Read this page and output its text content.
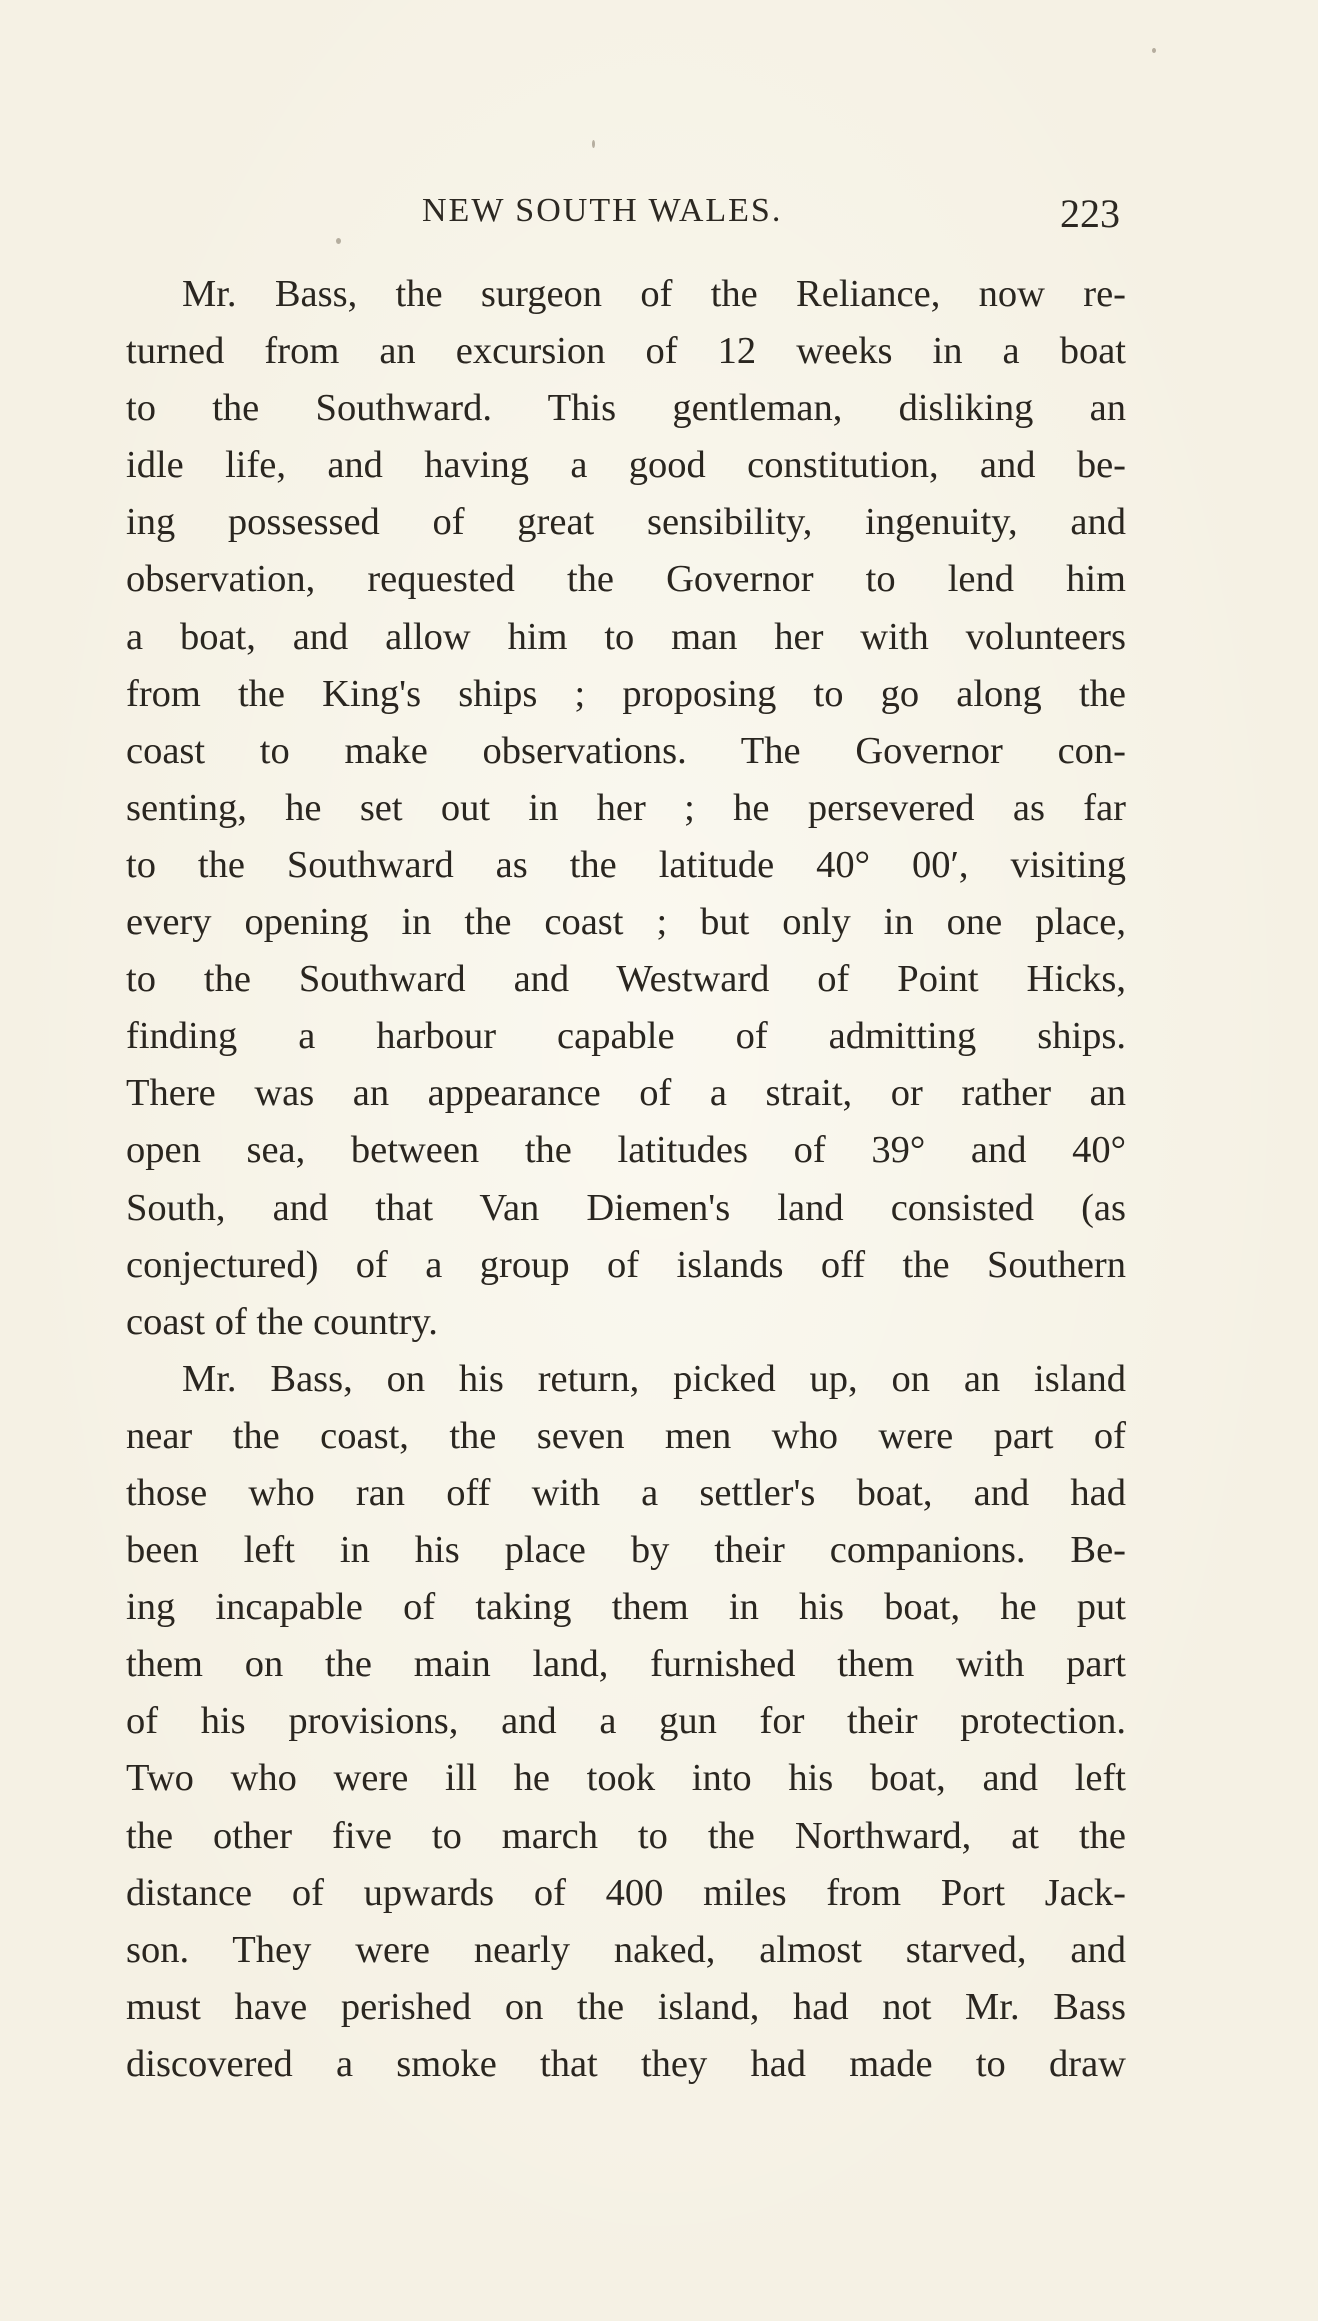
NEW SOUTH WALES.	223
Mr. Bass, the surgeon of the Reliance, now re-
turned from an excursion of 12 weeks in a boat
to the Southward. This gentleman, disliking an
idle life, and having a good constitution, and be-
ing possessed of great sensibility, ingenuity, and
observation, requested the Governor to lend him
a boat, and allow him to man her with volunteers
from the King's ships ; proposing to go along the
coast to make observations. The Governor con-
senting, he set out in her ; he persevered as far
to the Southward as the latitude 40° 00′, visiting
every opening in the coast ; but only in one place,
to the Southward and Westward of Point Hicks,
finding a harbour capable of admitting ships.
There was an appearance of a strait, or rather an
open sea, between the latitudes of 39° and 40°
South, and that Van Diemen's land consisted (as
conjectured) of a group of islands off the Southern
coast of the country.
Mr. Bass, on his return, picked up, on an island
near the coast, the seven men who were part of
those who ran off with a settler's boat, and had
been left in his place by their companions. Be-
ing incapable of taking them in his boat, he put
them on the main land, furnished them with part
of his provisions, and a gun for their protection.
Two who were ill he took into his boat, and left
the other five to march to the Northward, at the
distance of upwards of 400 miles from Port Jack-
son. They were nearly naked, almost starved, and
must have perished on the island, had not Mr. Bass
discovered a smoke that they had made to draw
